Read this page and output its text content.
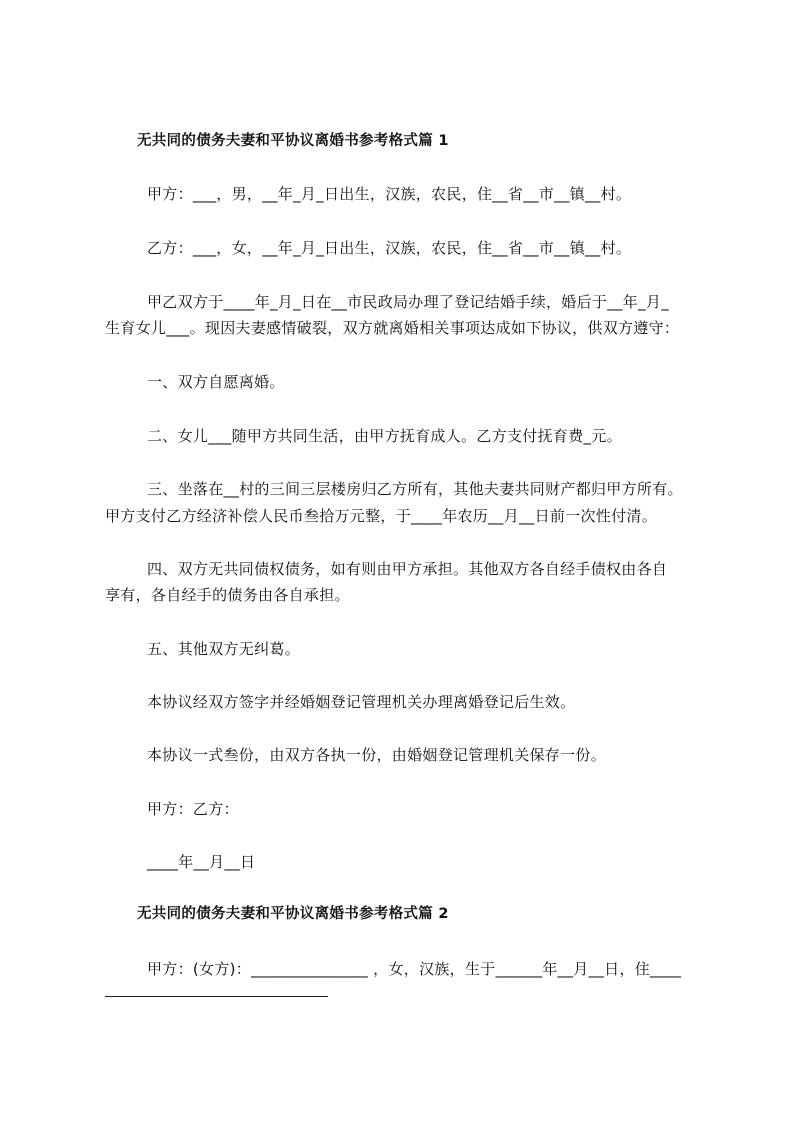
无共同的债务夫妻和平协议离婚书参考格式篇 1
甲方：___，男，__年_月_日出生，汉族，农民，住__省__市__镇__村。
乙方：___，女，__年_月_日出生，汉族，农民，住__省__市__镇__村。
甲乙双方于____年_月_日在__市民政局办理了登记结婚手续，婚后于__年_月_
生育女儿___。现因夫妻感情破裂，双方就离婚相关事项达成如下协议，供双方遵守：
一、双方自愿离婚。
二、女儿___随甲方共同生活，由甲方抚育成人。乙方支付抚育费_元。
三、坐落在__村的三间三层楼房归乙方所有，其他夫妻共同财产都归甲方所有。
甲方支付乙方经济补偿人民币叁拾万元整，于____年农历__月__日前一次性付清。
四、双方无共同债权债务，如有则由甲方承担。其他双方各自经手债权由各自
享有，各自经手的债务由各自承担。
五、其他双方无纠葛。
本协议经双方签字并经婚姻登记管理机关办理离婚登记后生效。
本协议一式叁份，由双方各执一份，由婚姻登记管理机关保存一份。
甲方：乙方：
____年__月__日
无共同的债务夫妻和平协议离婚书参考格式篇 2
甲方：(女方)：_______________ ，女，汉族，生于______年__月__日，住____
